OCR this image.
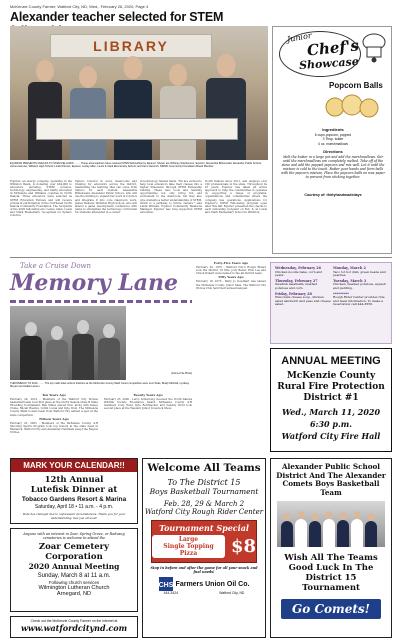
McKenzie County Farmer, Watford City, ND, Wed., February 26, 2020, Page 4
Alexander teacher selected for STEM
LIBRARY
EQUINOR PRESENTS CHECKS TO STEM FELLOWS ........ These area teachers have received STEM fellowships by Equinor. Shown are Whitney Stephenson, Equinor; Alexandria Bitzenwald, Alexander Public School; James Heinzer, Williston High School; Linda Pittman, Equinor; Lesley Allen, Lewis & Clark Elementary School; and Kenn Heinrich, NWND Community Foundation Board Member.
Equinor, an energy company operating in the Williston Basin, is donating over $34,000 to educators pursuing STEM (science, technology, engineering, and math) education in McKenzie and Williams counties in North Dakota. Three educators were selected as STEM Education Fellows and will receive private & participation in the Northwest North Dakota Community Foundation. The recipients of the 2020 fellowship are: Lesley Allen, Lewis and Clark Elementary, recognized for Sphero robotics.
Sphero robotics in more classrooms and training for educators across the district, maximizing the learning that can come from Sphero for each student. Alexandria Bitzenwald, Alexander Public School, who will use the funding to expand her work in robotics and integrate it into core classroom work. James Heinzer, Williston High School, who will attend a game development conference with plans to strengthen the technology curriculum for students interested in a career
in technology related fields. "We are excited to help local educators take their classes into a higher dimension through STEM Fellowship funding. These new tools and learning opportunities not only bring fun and excitement to the classroom, but they also give students a better understanding of STEM, which is a pathway to future careers." said Linda Pittman, Equinor Community Relations Manager. Equinor has long supported STEM education.
North Dakota since 2011, and employs over 100 professionals in the state. Throughout its 47 years, Equinor has taken an active approach to help the communities it operates in, supporting a range of programs, organizations and communities where the company has operations. Applications for Equinor's STEM Fellowship program open later this fall. Equinor presented the checks to each fellowship recipient on Feb. 6, at Lewis and Clark Elementary School in Williston.
Junior
Chef's
Showcase
Popcorn Balls
Ingredients
6 cups popcorn, popped
3 Tbsp. butter
4 oz. marshmallows
Directions
Melt the butter in a large pot and add the marshmallows. Stir until the marshmallows are completely melted. Take off of the stove and add the popped popcorn and mix well. Let it until the mixture is cold to the touch. Butter your hands and form balls with the popcorn mixture. Place the popcorn balls on wax paper to prevent from sticking together.
Courtesy of: thirtyhandmadedays
Take a Cruise Down
Memory Lane
(Farmer File Photo)
THROWBACK TO 2010 ........ The top math letter-writers finishers at the McKenzie County Math Count competition were Lexi Tetas, Brady Mitchell, Lyndsey Meyers and Hallie Larsen.

Ten Years Ago

February 24, 2010 - Members of the Watford City Wolves basketball team took first place at the North Dakota Class B State Wrestling Tournament. Ben Sibley placed first, along with Kasey Crane, Micah Hawley, Collin Lucas and Kyle Irvin. The McKenzie County Math Counts team from Watford City earned a spot at the state competition.

Fifteen Years Ago

February 23, 2005 - Members of the McKenzie County 4-H Shooting Sports Program took top honors at the state meet in Bismarck. Watford City and Alexander Cardinals swept the Region 8 titles.

Twenty Years Ago

February 23, 2000 - Leroy Armstrong received the North Dakota Wildlife Society Excellence Award. McKenzie County 4-H members Cody Wold, Kyle Rohrbacher and Cassidy Wold took second place at the Western Junior Livestock Show.

Forty-Five Years Ago

February 20, 1975 - Watford City's Rough Riders took the District 16 title. Jody Bauer, Rick Lee and Chuck Dukart were named to the all-district team.

Fifty Years Ago

February 18, 1970 - Mary Jo Goedhart was named the McKenzie County Junior Miss. The Watford City Wolves Club held their annual banquet.

Wednesday, February 26
Chicken noodle bake, corn and pears.
Thursday, February 27
Swedish meatballs, mashed potatoes and corn.
Friday, February 28
Wisconsin cheese soup, chicken salad sandwich and peas and cheese salad.
Monday, March 2
Taco tot hot dish, green beans and peaches.
Tuesday, March 3
Chicken, mashed potatoes, squash and pudding.
*********
Rough Rider Center provides ride and meal information. To make a reservation call 444-3656.
ANNUAL MEETING
McKenzie County Rural Fire Protection District #1
Wed., March 11, 2020
6:30 p.m.
Watford City Fire Hall
MARK YOUR CALENDAR!!
12th Annual
Lutefisk Dinner at
Tobacco Gardens Resort & Marina
Saturday, April 18 • 11 a.m. - 4 p.m.
Date has changed due to unforeseen circumstances. Thank you for your understanding. See you all soon!
Anyone with an interest in Zoar, Spring Grove, or Rodvang cemeteries is welcome to attend the
Zoar Cemetery Corporation
2020 Annual Meeting
Sunday, March 8 at 11 a.m.
Following church services
Wilmington Lutheran Church
Arnegard, ND
Check out the McKenzie County Farmer on the internet at
www.watfordcitynd.com
Welcome All Teams
To The District 15
Boys Basketball Tournament
Feb. 28, 29 & March 2
Watford City Rough Rider Center
Tournament Special
Large
Single Topping Pizza	$8
Stop in before and after the game for all your snack and fuel needs!
CHS Farmers Union Oil Co.
444-3424	Watford City, ND
Alexander Public School District And The Alexander Comets Boys Basketball Team
Wish All The Teams Good Luck In The District 15 Tournament
Go Comets!
